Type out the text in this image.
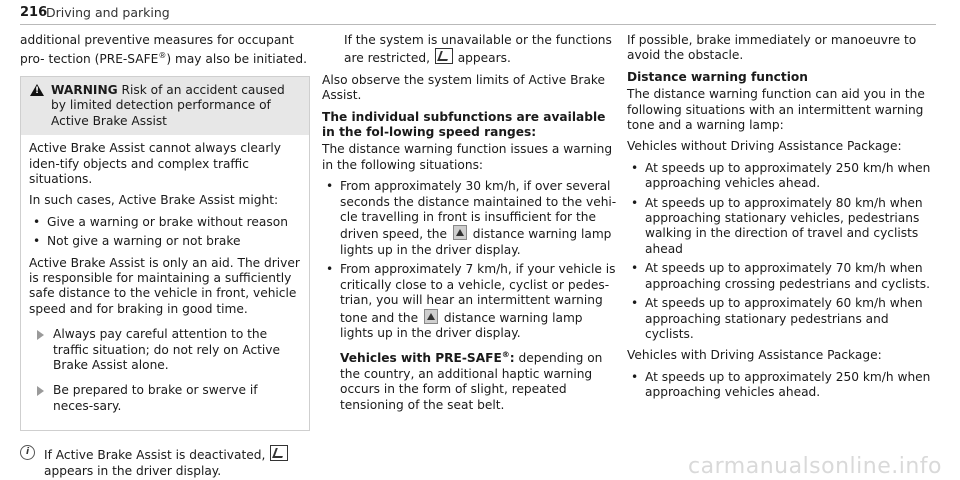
216
Driving and parking

additional preventive measures for occupant pro- tection (PRE-SAFE®) may also be initiated.

!
WARNING Risk of an accident caused by limited detection performance of Active Brake Assist

Active Brake Assist cannot always clearly iden-tify objects and complex traffic situations.

In such cases, Active Brake Assist might:

• Give a warning or brake without reason
• Not give a warning or not brake

Active Brake Assist is only an aid. The driver is responsible for maintaining a sufficiently safe distance to the vehicle in front, vehicle speed and for braking in good time.

Always pay careful attention to the traffic situation; do not rely on Active Brake Assist alone.
Be prepared to brake or swerve if neces-sary.
i	If Active Brake Assist is deactivated,
appears in the driver display.

If the system is unavailable or the functions are restricted, appears.

Also observe the system limits of Active Brake Assist.

The individual subfunctions are available in the fol-lowing speed ranges:

The distance warning function issues a warning in the following situations:

• From approximately 30 km/h, if over several seconds the distance maintained to the vehi-cle travelling in front is insufficient for the driven speed, the distance warning lamp lights up in the driver display.
• From approximately 7 km/h, if your vehicle is critically close to a vehicle, cyclist or pedes-trian, you will hear an intermittent warning tone and the distance warning lamp lights up in the driver display.

Vehicles with PRE-SAFE®: depending on the country, an additional haptic warning occurs in the form of slight, repeated tensioning of the seat belt.

If possible, brake immediately or manoeuvre to avoid the obstacle.

Distance warning function

The distance warning function can aid you in the following situations with an intermittent warning tone and a warning lamp:

Vehicles without Driving Assistance Package:

• At speeds up to approximately 250 km/h when approaching vehicles ahead.
• At speeds up to approximately 80 km/h when approaching stationary vehicles, pedestrians walking in the direction of travel and cyclists ahead
• At speeds up to approximately 70 km/h when approaching crossing pedestrians and cyclists.
• At speeds up to approximately 60 km/h when approaching stationary pedestrians and cyclists.

Vehicles with Driving Assistance Package:

• At speeds up to approximately 250 km/h when approaching vehicles ahead.
carmanualsonline.info
